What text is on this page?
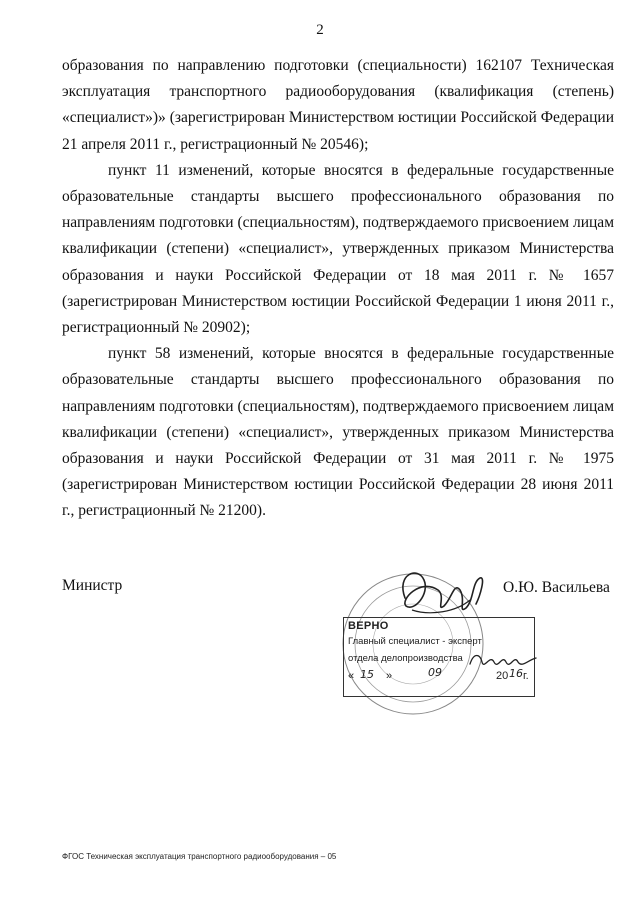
2

образования по направлению подготовки (специальности) 162107 Техническая эксплуатация транспортного радиооборудования (квалификация (степень) «специалист»)» (зарегистрирован Министерством юстиции Российской Федерации 21 апреля 2011 г., регистрационный № 20546);

пункт 11 изменений, которые вносятся в федеральные государственные образовательные стандарты высшего профессионального образования по направлениям подготовки (специальностям), подтверждаемого присвоением лицам квалификации (степени) «специалист», утвержденных приказом Министерства образования и науки Российской Федерации от 18 мая 2011 г. № 1657 (зарегистрирован Министерством юстиции Российской Федерации 1 июня 2011 г., регистрационный № 20902);

пункт 58 изменений, которые вносятся в федеральные государственные образовательные стандарты высшего профессионального образования по направлениям подготовки (специальностям), подтверждаемого присвоением лицам квалификации (степени) «специалист», утвержденных приказом Министерства образования и науки Российской Федерации от 31 мая 2011 г. № 1975 (зарегистрирован Министерством юстиции Российской Федерации 28 июня 2011 г., регистрационный № 21200).

Министр	О.Ю. Васильева
ВЕРНО
Главный специалист - эксперт
отдела делопроизводства
« 15 »	09	20 16 г.
ФГОС Техническая эксплуатация транспортного радиооборудования – 05
